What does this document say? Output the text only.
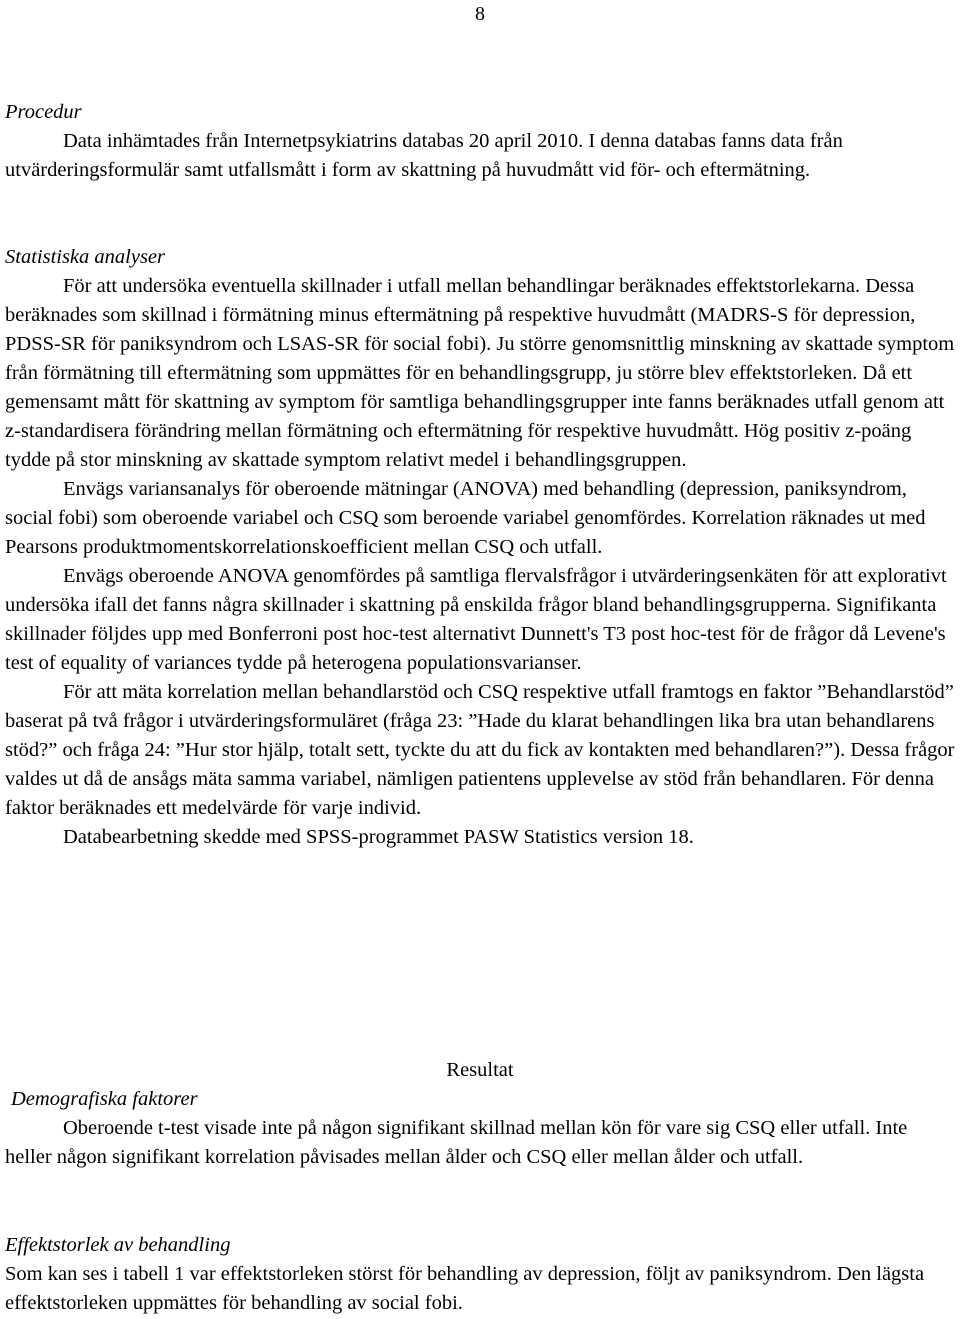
8

Procedur

Data inhämtades från Internetpsykiatrins databas 20 april 2010. I denna databas fanns data från utvärderingsformulär samt utfallsmått i form av skattning på huvudmått vid för- och eftermätning.

Statistiska analyser

För att undersöka eventuella skillnader i utfall mellan behandlingar beräknades effektstorlekarna. Dessa beräknades som skillnad i förmätning minus eftermätning på respektive huvudmått (MADRS-S för depression, PDSS-SR för paniksyndrom och LSAS-SR för social fobi). Ju större genomsnittlig minskning av skattade symptom från förmätning till eftermätning som uppmättes för en behandlingsgrupp, ju större blev effektstorleken. Då ett gemensamt mått för skattning av symptom för samtliga behandlingsgrupper inte fanns beräknades utfall genom att z-standardisera förändring mellan förmätning och eftermätning för respektive huvudmått. Hög positiv z-poäng tydde på stor minskning av skattade symptom relativt medel i behandlingsgruppen.

Envägs variansanalys för oberoende mätningar (ANOVA) med behandling (depression, paniksyndrom, social fobi) som oberoende variabel och CSQ som beroende variabel genomfördes. Korrelation räknades ut med Pearsons produktmomentskorrelationskoefficient mellan CSQ och utfall.

Envägs oberoende ANOVA genomfördes på samtliga flervalsfrågor i utvärderingsenkäten för att explorativt undersöka ifall det fanns några skillnader i skattning på enskilda frågor bland behandlingsgrupperna. Signifikanta skillnader följdes upp med Bonferroni post hoc-test alternativt Dunnett's T3 post hoc-test för de frågor då Levene's test of equality of variances tydde på heterogena populationsvarianser.

För att mäta korrelation mellan behandlarstöd och CSQ respektive utfall framtogs en faktor ”Behandlarstöd” baserat på två frågor i utvärderingsformuläret (fråga 23: ”Hade du klarat behandlingen lika bra utan behandlarens stöd?” och fråga 24: ”Hur stor hjälp, totalt sett, tyckte du att du fick av kontakten med behandlaren?”). Dessa frågor valdes ut då de ansågs mäta samma variabel, nämligen patientens upplevelse av stöd från behandlaren. För denna faktor beräknades ett medelvärde för varje individ.

Databearbetning skedde med SPSS-programmet PASW Statistics version 18.

Resultat

Demografiska faktorer

Oberoende t-test visade inte på någon signifikant skillnad mellan kön för vare sig CSQ eller utfall. Inte heller någon signifikant korrelation påvisades mellan ålder och CSQ eller mellan ålder och utfall.

Effektstorlek av behandling

Som kan ses i tabell 1 var effektstorleken störst för behandling av depression, följt av paniksyndrom. Den lägsta effektstorleken uppmättes för behandling av social fobi.
